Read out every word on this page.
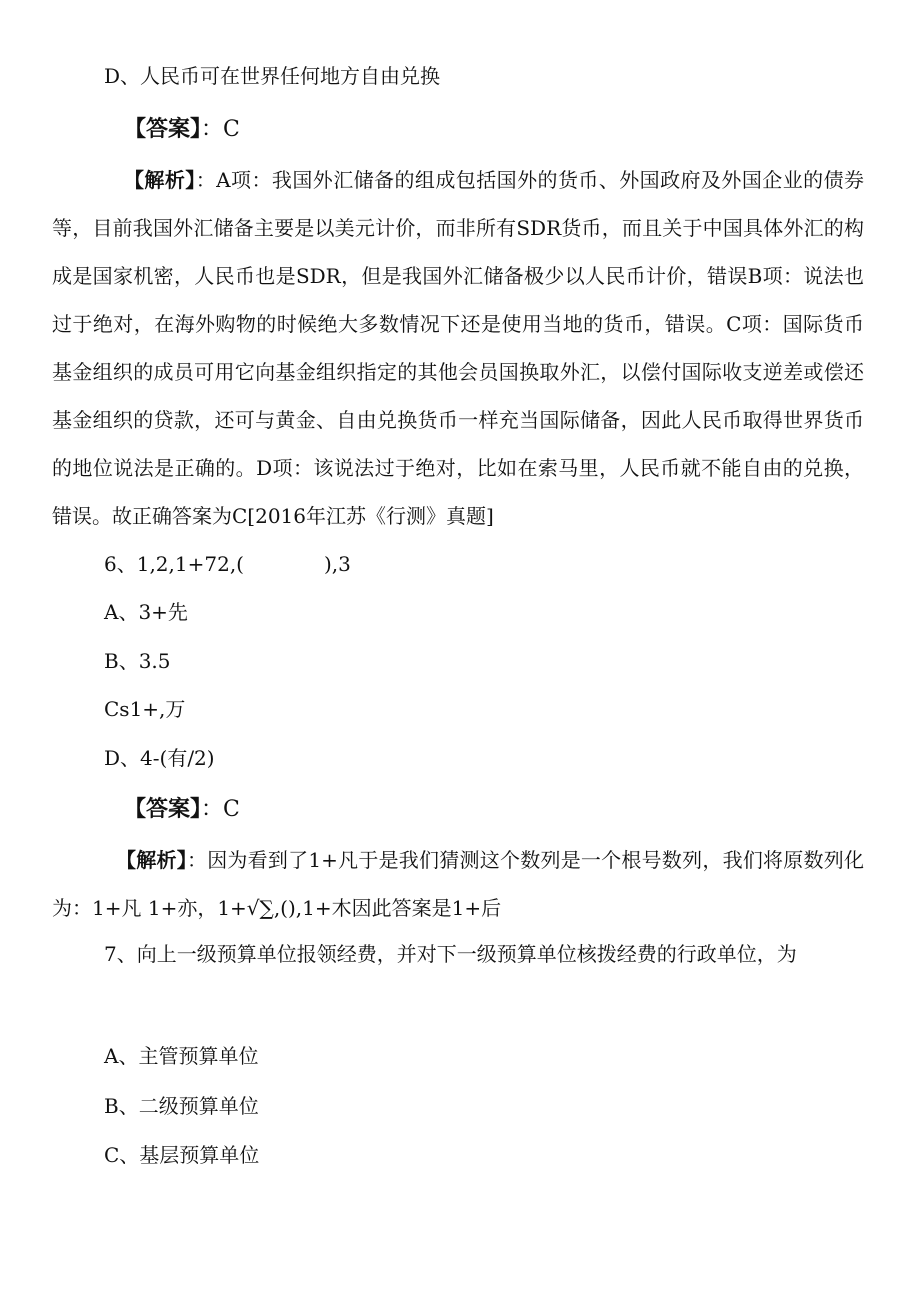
D、人民币可在世界任何地方自由兑换
【答案】：C
【解析】：A项：我国外汇储备的组成包括国外的货币、外国政府及外国企业的债券等，目前我国外汇储备主要是以美元计价，而非所有SDR货币，而且关于中国具体外汇的构成是国家机密，人民币也是SDR，但是我国外汇储备极少以人民币计价，错误B项：说法也过于绝对，在海外购物的时候绝大多数情况下还是使用当地的货币，错误。C项：国际货币基金组织的成员可用它向基金组织指定的其他会员国换取外汇，以偿付国际收支逆差或偿还基金组织的贷款，还可与黄金、自由兑换货币一样充当国际储备，因此人民币取得世界货币的地位说法是正确的。D项：该说法过于绝对，比如在索马里，人民币就不能自由的兑换，错误。故正确答案为C[2016年江苏《行测》真题]
6、1,2,1+72,(　　　　),3
A、3+先
B、3.5
Cs1+,万
D、4-(有/2)
【答案】：C
【解析】：因为看到了1+凡于是我们猜测这个数列是一个根号数列，我们将原数列化为：1+凡 1+亦，1+√∑,(),1+木因此答案是1+后
7、向上一级预算单位报领经费，并对下一级预算单位核拨经费的行政单位，为
A、主管预算单位
B、二级预算单位
C、基层预算单位
